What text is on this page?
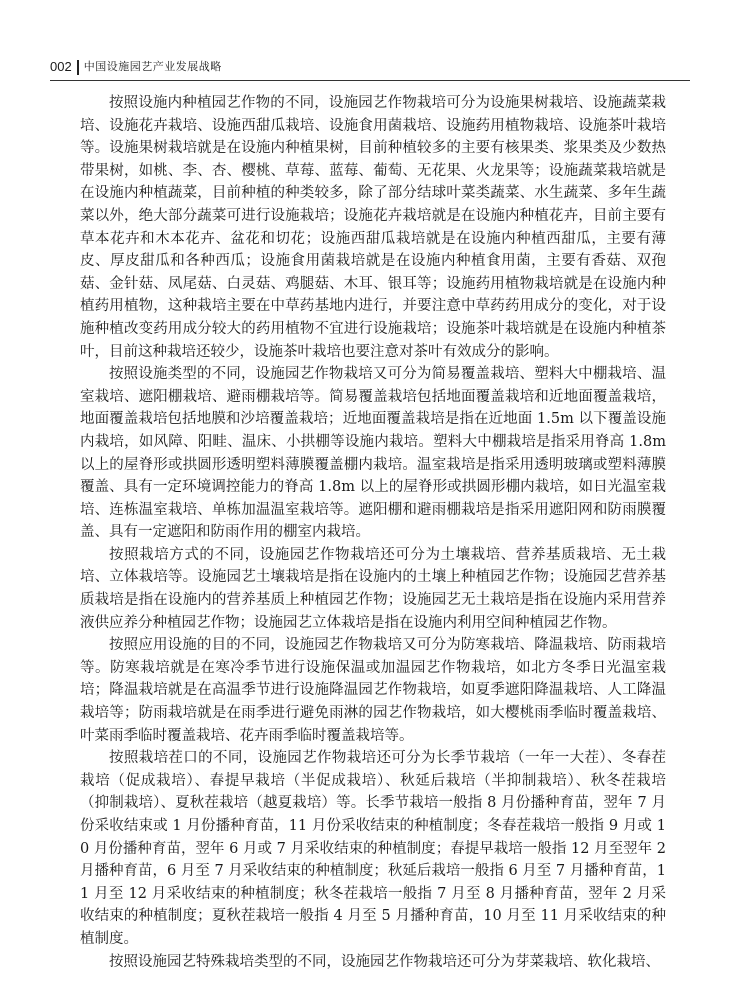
002 中国设施园艺产业发展战略

按照设施内种植园艺作物的不同，设施园艺作物栽培可分为设施果树栽培、设施蔬菜栽培、设施花卉栽培、设施西甜瓜栽培、设施食用菌栽培、设施药用植物栽培、设施茶叶栽培等。设施果树栽培就是在设施内种植果树，目前种植较多的主要有核果类、浆果类及少数热带果树，如桃、李、杏、樱桃、草莓、蓝莓、葡萄、无花果、火龙果等；设施蔬菜栽培就是在设施内种植蔬菜，目前种植的种类较多，除了部分结球叶菜类蔬菜、水生蔬菜、多年生蔬菜以外，绝大部分蔬菜可进行设施栽培；设施花卉栽培就是在设施内种植花卉，目前主要有草本花卉和木本花卉、盆花和切花；设施西甜瓜栽培就是在设施内种植西甜瓜，主要有薄皮、厚皮甜瓜和各种西瓜；设施食用菌栽培就是在设施内种植食用菌，主要有香菇、双孢菇、金针菇、凤尾菇、白灵菇、鸡腿菇、木耳、银耳等；设施药用植物栽培就是在设施内种植药用植物，这种栽培主要在中草药基地内进行，并要注意中草药药用成分的变化，对于设施种植改变药用成分较大的药用植物不宜进行设施栽培；设施茶叶栽培就是在设施内种植茶叶，目前这种栽培还较少，设施茶叶栽培也要注意对茶叶有效成分的影响。

按照设施类型的不同，设施园艺作物栽培又可分为简易覆盖栽培、塑料大中棚栽培、温室栽培、遮阳棚栽培、避雨棚栽培等。简易覆盖栽培包括地面覆盖栽培和近地面覆盖栽培，地面覆盖栽培包括地膜和沙培覆盖栽培；近地面覆盖栽培是指在近地面 1.5m 以下覆盖设施内栽培，如风障、阳畦、温床、小拱棚等设施内栽培。塑料大中棚栽培是指采用脊高 1.8m 以上的屋脊形或拱圆形透明塑料薄膜覆盖棚内栽培。温室栽培是指采用透明玻璃或塑料薄膜覆盖、具有一定环境调控能力的脊高 1.8m 以上的屋脊形或拱圆形棚内栽培，如日光温室栽培、连栋温室栽培、单栋加温温室栽培等。遮阳棚和避雨棚栽培是指采用遮阳网和防雨膜覆盖、具有一定遮阳和防雨作用的棚室内栽培。

按照栽培方式的不同，设施园艺作物栽培还可分为土壤栽培、营养基质栽培、无土栽培、立体栽培等。设施园艺土壤栽培是指在设施内的土壤上种植园艺作物；设施园艺营养基质栽培是指在设施内的营养基质上种植园艺作物；设施园艺无土栽培是指在设施内采用营养液供应养分种植园艺作物；设施园艺立体栽培是指在设施内利用空间种植园艺作物。

按照应用设施的目的不同，设施园艺作物栽培又可分为防寒栽培、降温栽培、防雨栽培等。防寒栽培就是在寒冷季节进行设施保温或加温园艺作物栽培，如北方冬季日光温室栽培；降温栽培就是在高温季节进行设施降温园艺作物栽培，如夏季遮阳降温栽培、人工降温栽培等；防雨栽培就是在雨季进行避免雨淋的园艺作物栽培，如大樱桃雨季临时覆盖栽培、叶菜雨季临时覆盖栽培、花卉雨季临时覆盖栽培等。

按照栽培茬口的不同，设施园艺作物栽培还可分为长季节栽培（一年一大茬）、冬春茬栽培（促成栽培）、春提早栽培（半促成栽培）、秋延后栽培（半抑制栽培）、秋冬茬栽培（抑制栽培）、夏秋茬栽培（越夏栽培）等。长季节栽培一般指 8 月份播种育苗，翌年 7 月份采收结束或 1 月份播种育苗，11 月份采收结束的种植制度；冬春茬栽培一般指 9 月或 10 月份播种育苗，翌年 6 月或 7 月采收结束的种植制度；春提早栽培一般指 12 月至翌年 2 月播种育苗，6 月至 7 月采收结束的种植制度；秋延后栽培一般指 6 月至 7 月播种育苗，11 月至 12 月采收结束的种植制度；秋冬茬栽培一般指 7 月至 8 月播种育苗，翌年 2 月采收结束的种植制度；夏秋茬栽培一般指 4 月至 5 月播种育苗，10 月至 11 月采收结束的种植制度。

按照设施园艺特殊栽培类型的不同，设施园艺作物栽培还可分为芽菜栽培、软化栽培、
